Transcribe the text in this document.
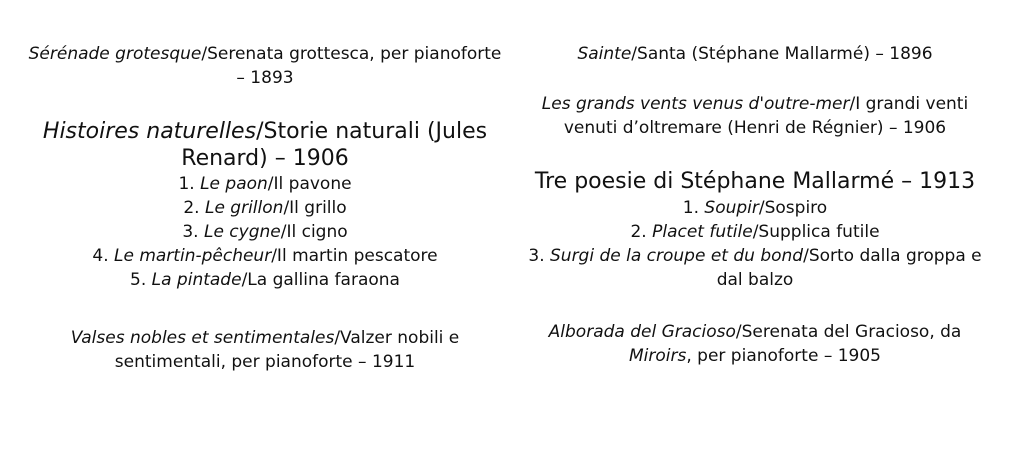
Sérénade grotesque/Serenata grottesca, per pianoforte
– 1893
Histoires naturelles/Storie naturali (Jules
Renard) – 1906
1. Le paon/Il pavone
2. Le grillon/Il grillo
3. Le cygne/Il cigno
4. Le martin-pêcheur/Il martin pescatore
5. La pintade/La gallina faraona
Valses nobles et sentimentales/Valzer nobili e
sentimentali, per pianoforte – 1911
Sainte/Santa (Stéphane Mallarmé) – 1896
Les grands vents venus d'outre-mer/I grandi venti
venuti d’oltremare (Henri de Régnier) – 1906
Tre poesie di Stéphane Mallarmé – 1913
1. Soupir/Sospiro
2. Placet futile/Supplica futile
3. Surgi de la croupe et du bond/Sorto dalla groppa e
dal balzo
Alborada del Gracioso/Serenata del Gracioso, da
Miroirs, per pianoforte – 1905
